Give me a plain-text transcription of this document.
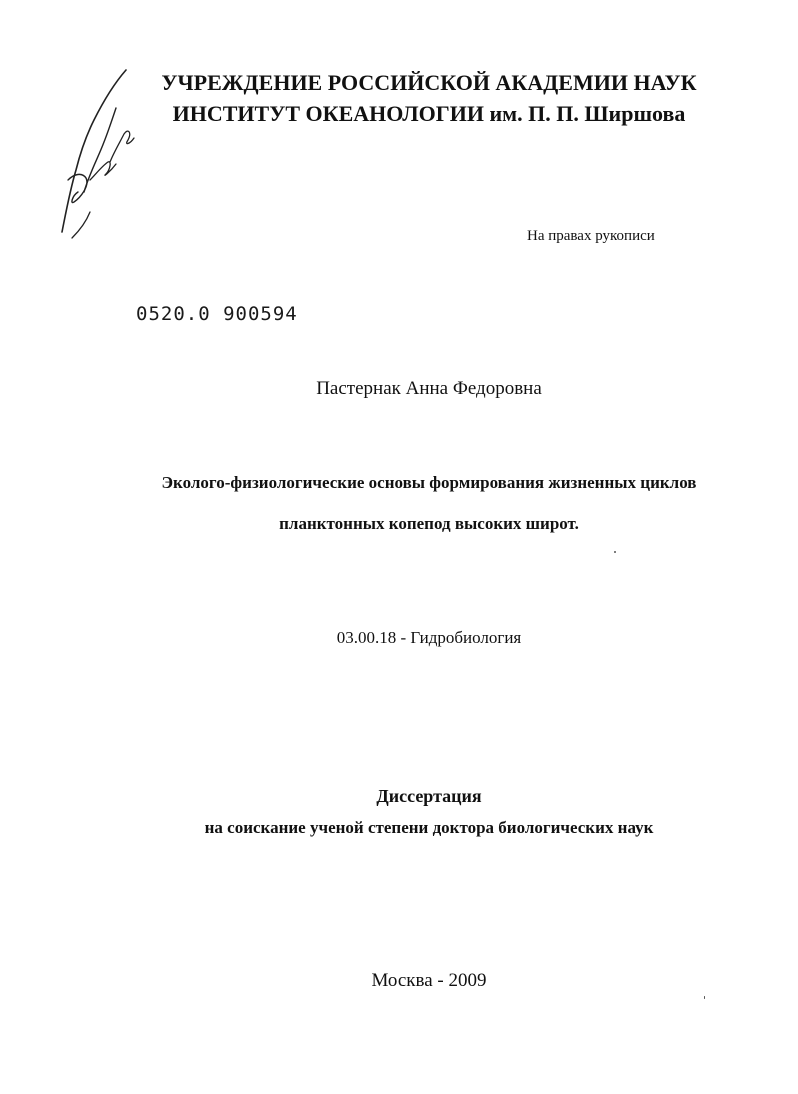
УЧРЕЖДЕНИЕ РОССИЙСКОЙ АКАДЕМИИ НАУК
ИНСТИТУТ ОКЕАНОЛОГИИ им. П. П. Ширшова
На правах рукописи
0520.0 900594
Пастернак Анна Федоровна
Эколого-физиологические основы формирования жизненных циклов
планктонных копепод высоких широт.
03.00.18 - Гидробиология
Диссертация
на соискание ученой степени доктора биологических наук
Москва - 2009
